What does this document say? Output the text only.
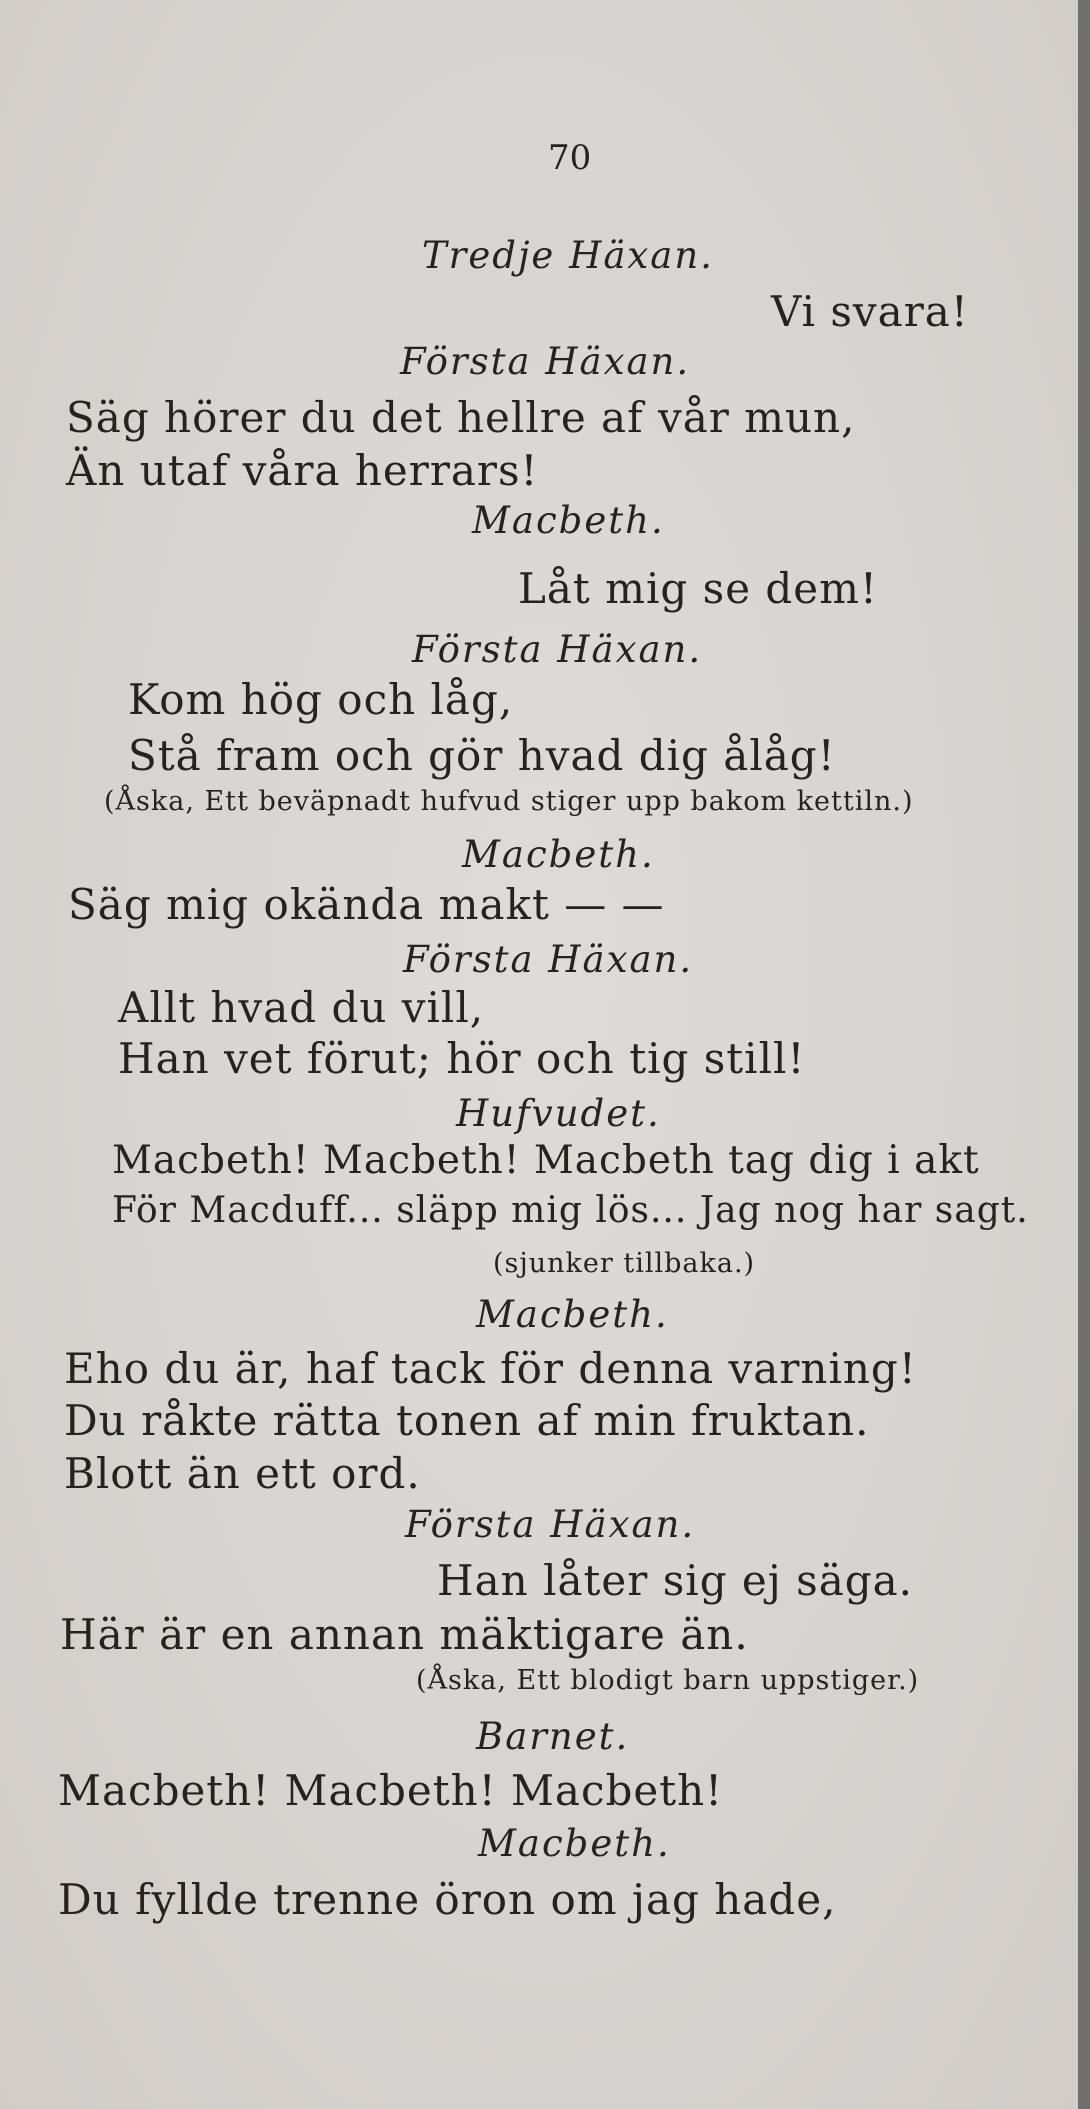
70
Tredje Häxan.
Vi svara!
Första Häxan.
Säg hörer du det hellre af vår mun,
Än utaf våra herrars!
Macbeth.
Låt mig se dem!
Första Häxan.
Kom hög och låg,
Stå fram och gör hvad dig ålåg!
(Åska, Ett beväpnadt hufvud stiger upp bakom kettiln.)
Macbeth.
Säg mig okända makt — —
Första Häxan.
Allt hvad du vill,
Han vet förut; hör och tig still!
Hufvudet.
Macbeth! Macbeth! Macbeth tag dig i akt
För Macduff... släpp mig lös... Jag nog har sagt.
(sjunker tillbaka.)
Macbeth.
Eho du är, haf tack för denna varning!
Du råkte rätta tonen af min fruktan.
Blott än ett ord.
Första Häxan.
Han låter sig ej säga.
Här är en annan mäktigare än.
(Åska, Ett blodigt barn uppstiger.)
Barnet.
Macbeth! Macbeth! Macbeth!
Macbeth.
Du fyllde trenne öron om jag hade,
